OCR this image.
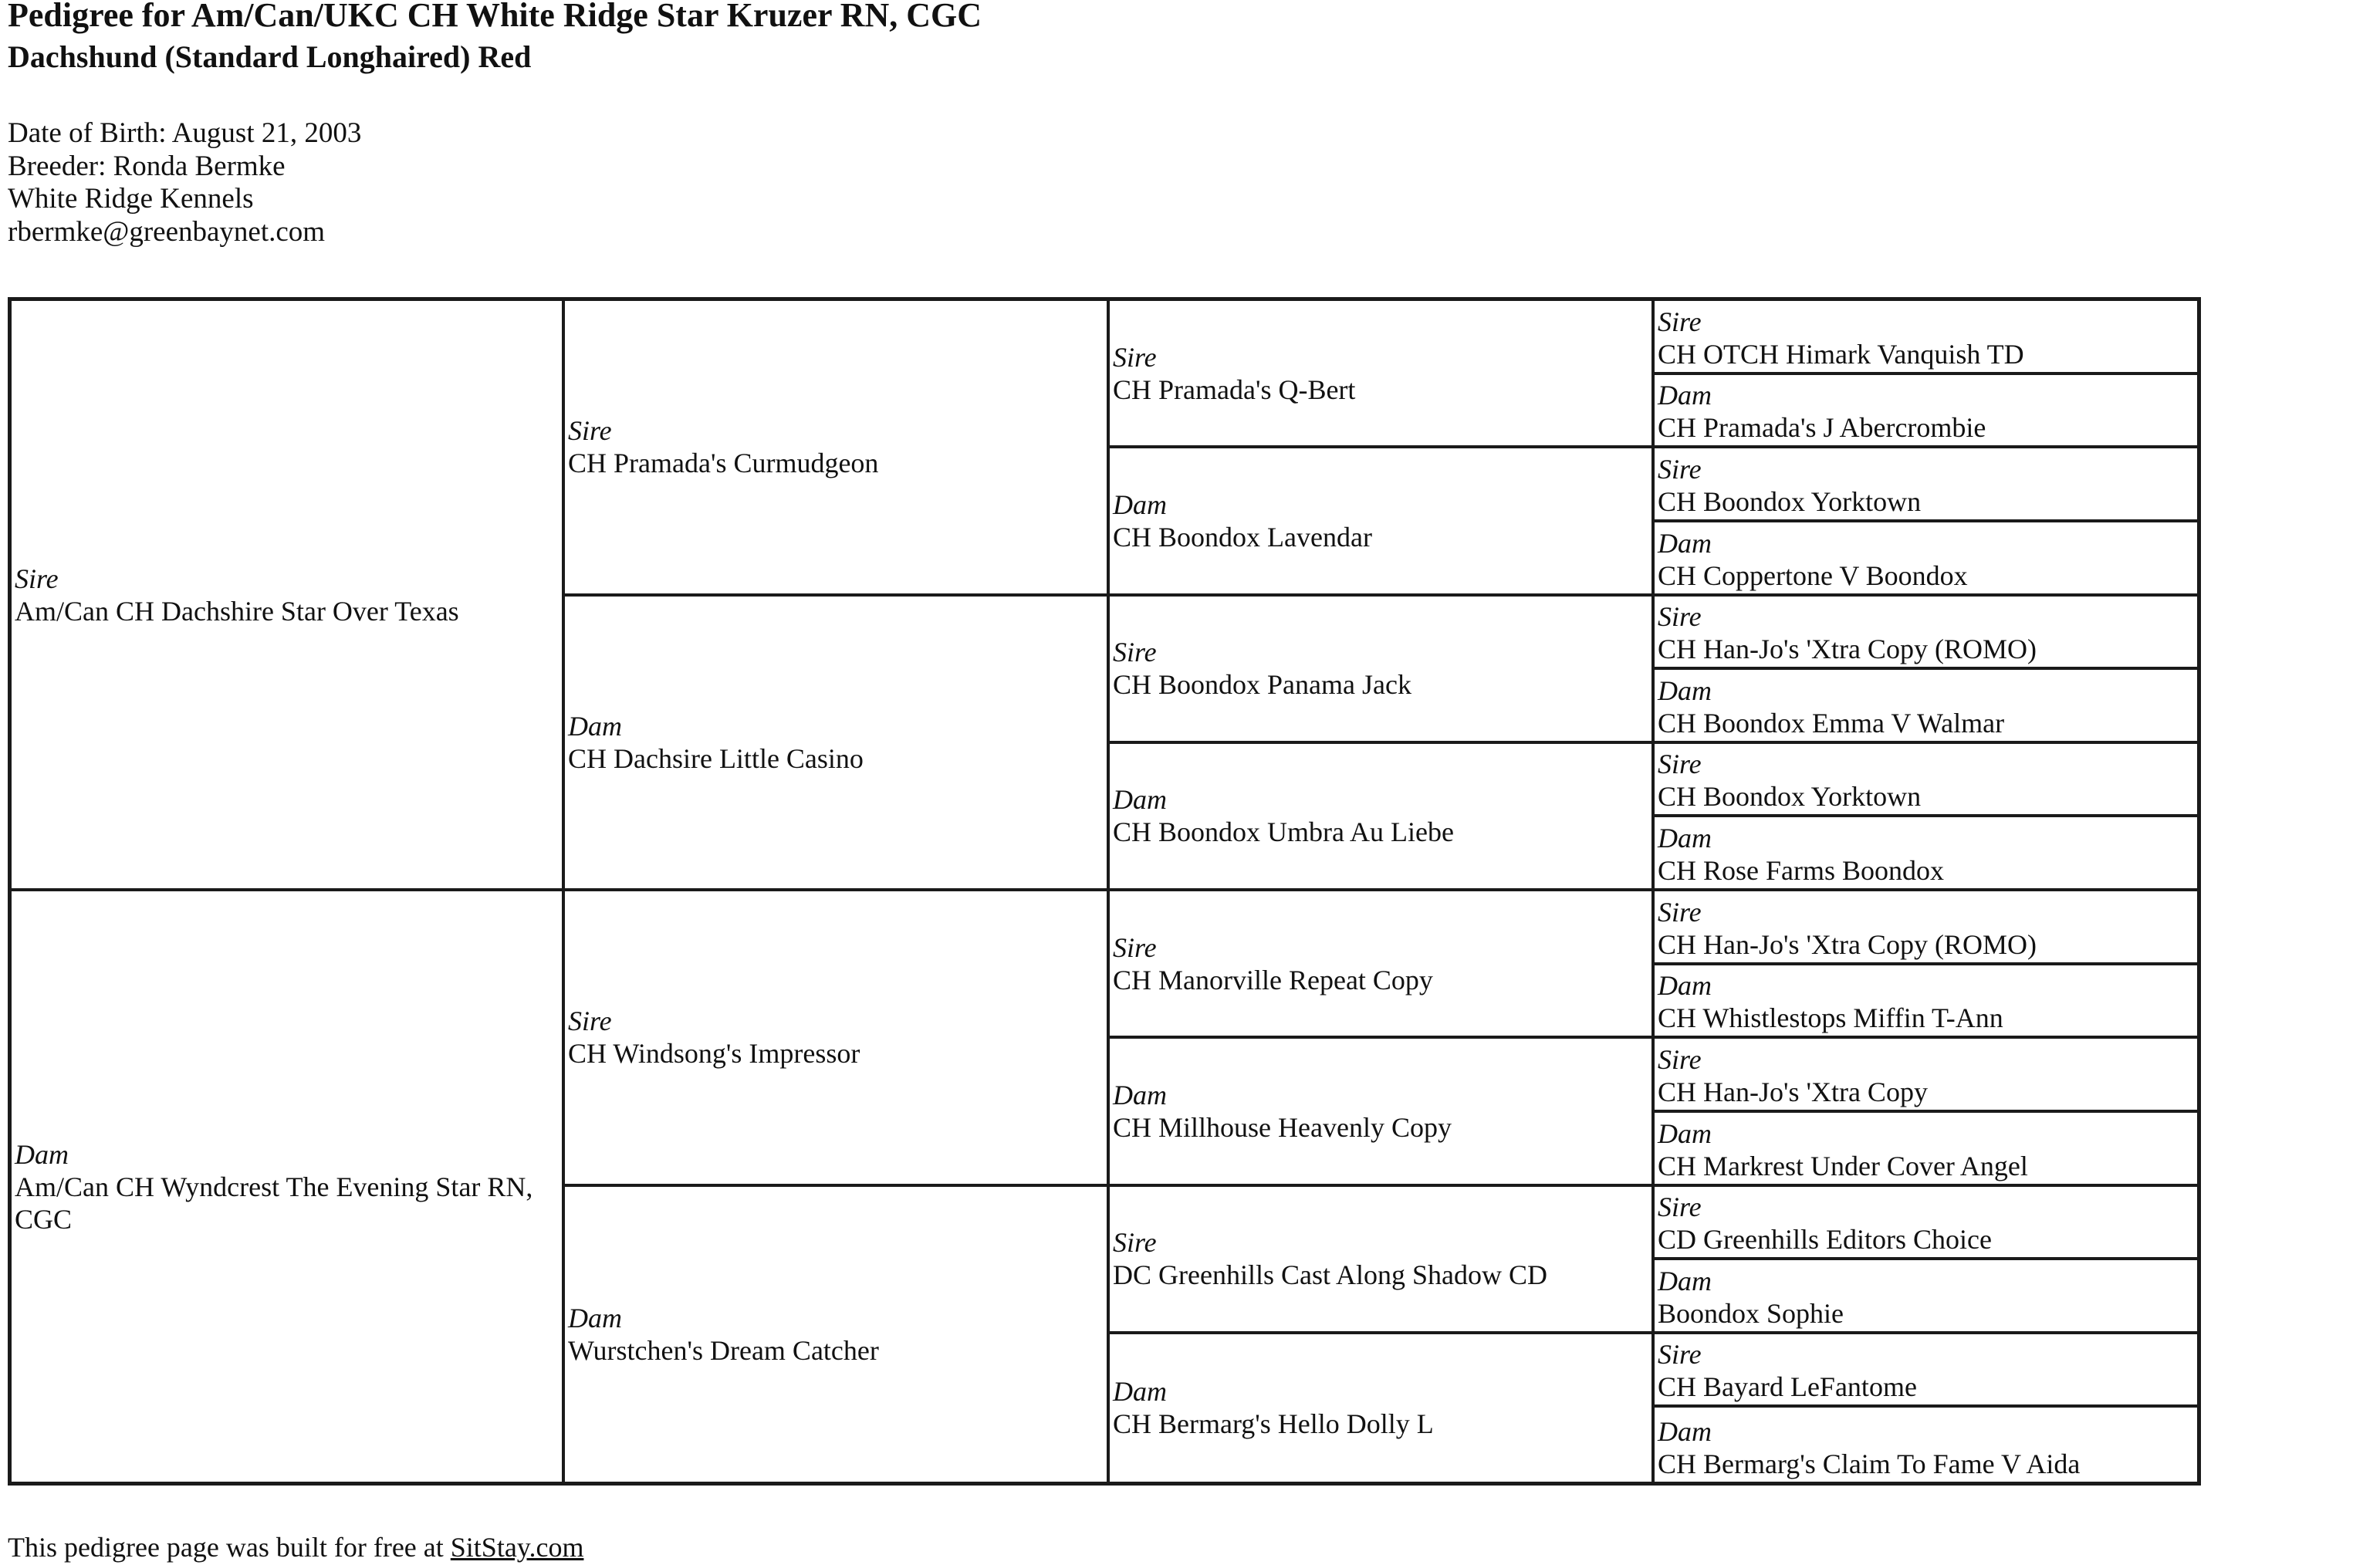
Pedigree for Am/Can/UKC CH White Ridge Star Kruzer RN, CGC
Dachshund (Standard Longhaired) Red
Date of Birth: August 21, 2003
Breeder: Ronda Bermke
White Ridge Kennels
rbermke@greenbaynet.com
Sire
Am/Can CH Dachshire Star Over Texas
Dam
Am/Can CH Wyndcrest The Evening Star RN, CGC
Sire
CH Pramada's Curmudgeon
Dam
CH Dachsire Little Casino
Sire
CH Windsong's Impressor
Dam
Wurstchen's Dream Catcher
Sire
CH Pramada's Q-Bert
Dam
CH Boondox Lavendar
Sire
CH Boondox Panama Jack
Dam
CH Boondox Umbra Au Liebe
Sire
CH Manorville Repeat Copy
Dam
CH Millhouse Heavenly Copy
Sire
DC Greenhills Cast Along Shadow CD
Dam
CH Bermarg's Hello Dolly L
Sire
CH OTCH Himark Vanquish TD
Dam
CH Pramada's J Abercrombie
Sire
CH Boondox Yorktown
Dam
CH Coppertone V Boondox
Sire
CH Han-Jo's 'Xtra Copy (ROMO)
Dam
CH Boondox Emma V Walmar
Sire
CH Boondox Yorktown
Dam
CH Rose Farms Boondox
Sire
CH Han-Jo's 'Xtra Copy (ROMO)
Dam
CH Whistlestops Miffin T-Ann
Sire
CH Han-Jo's 'Xtra Copy
Dam
CH Markrest Under Cover Angel
Sire
CD Greenhills Editors Choice
Dam
Boondox Sophie
Sire
CH Bayard LeFantome
Dam
CH Bermarg's Claim To Fame V Aida
This pedigree page was built for free at SitStay.com
